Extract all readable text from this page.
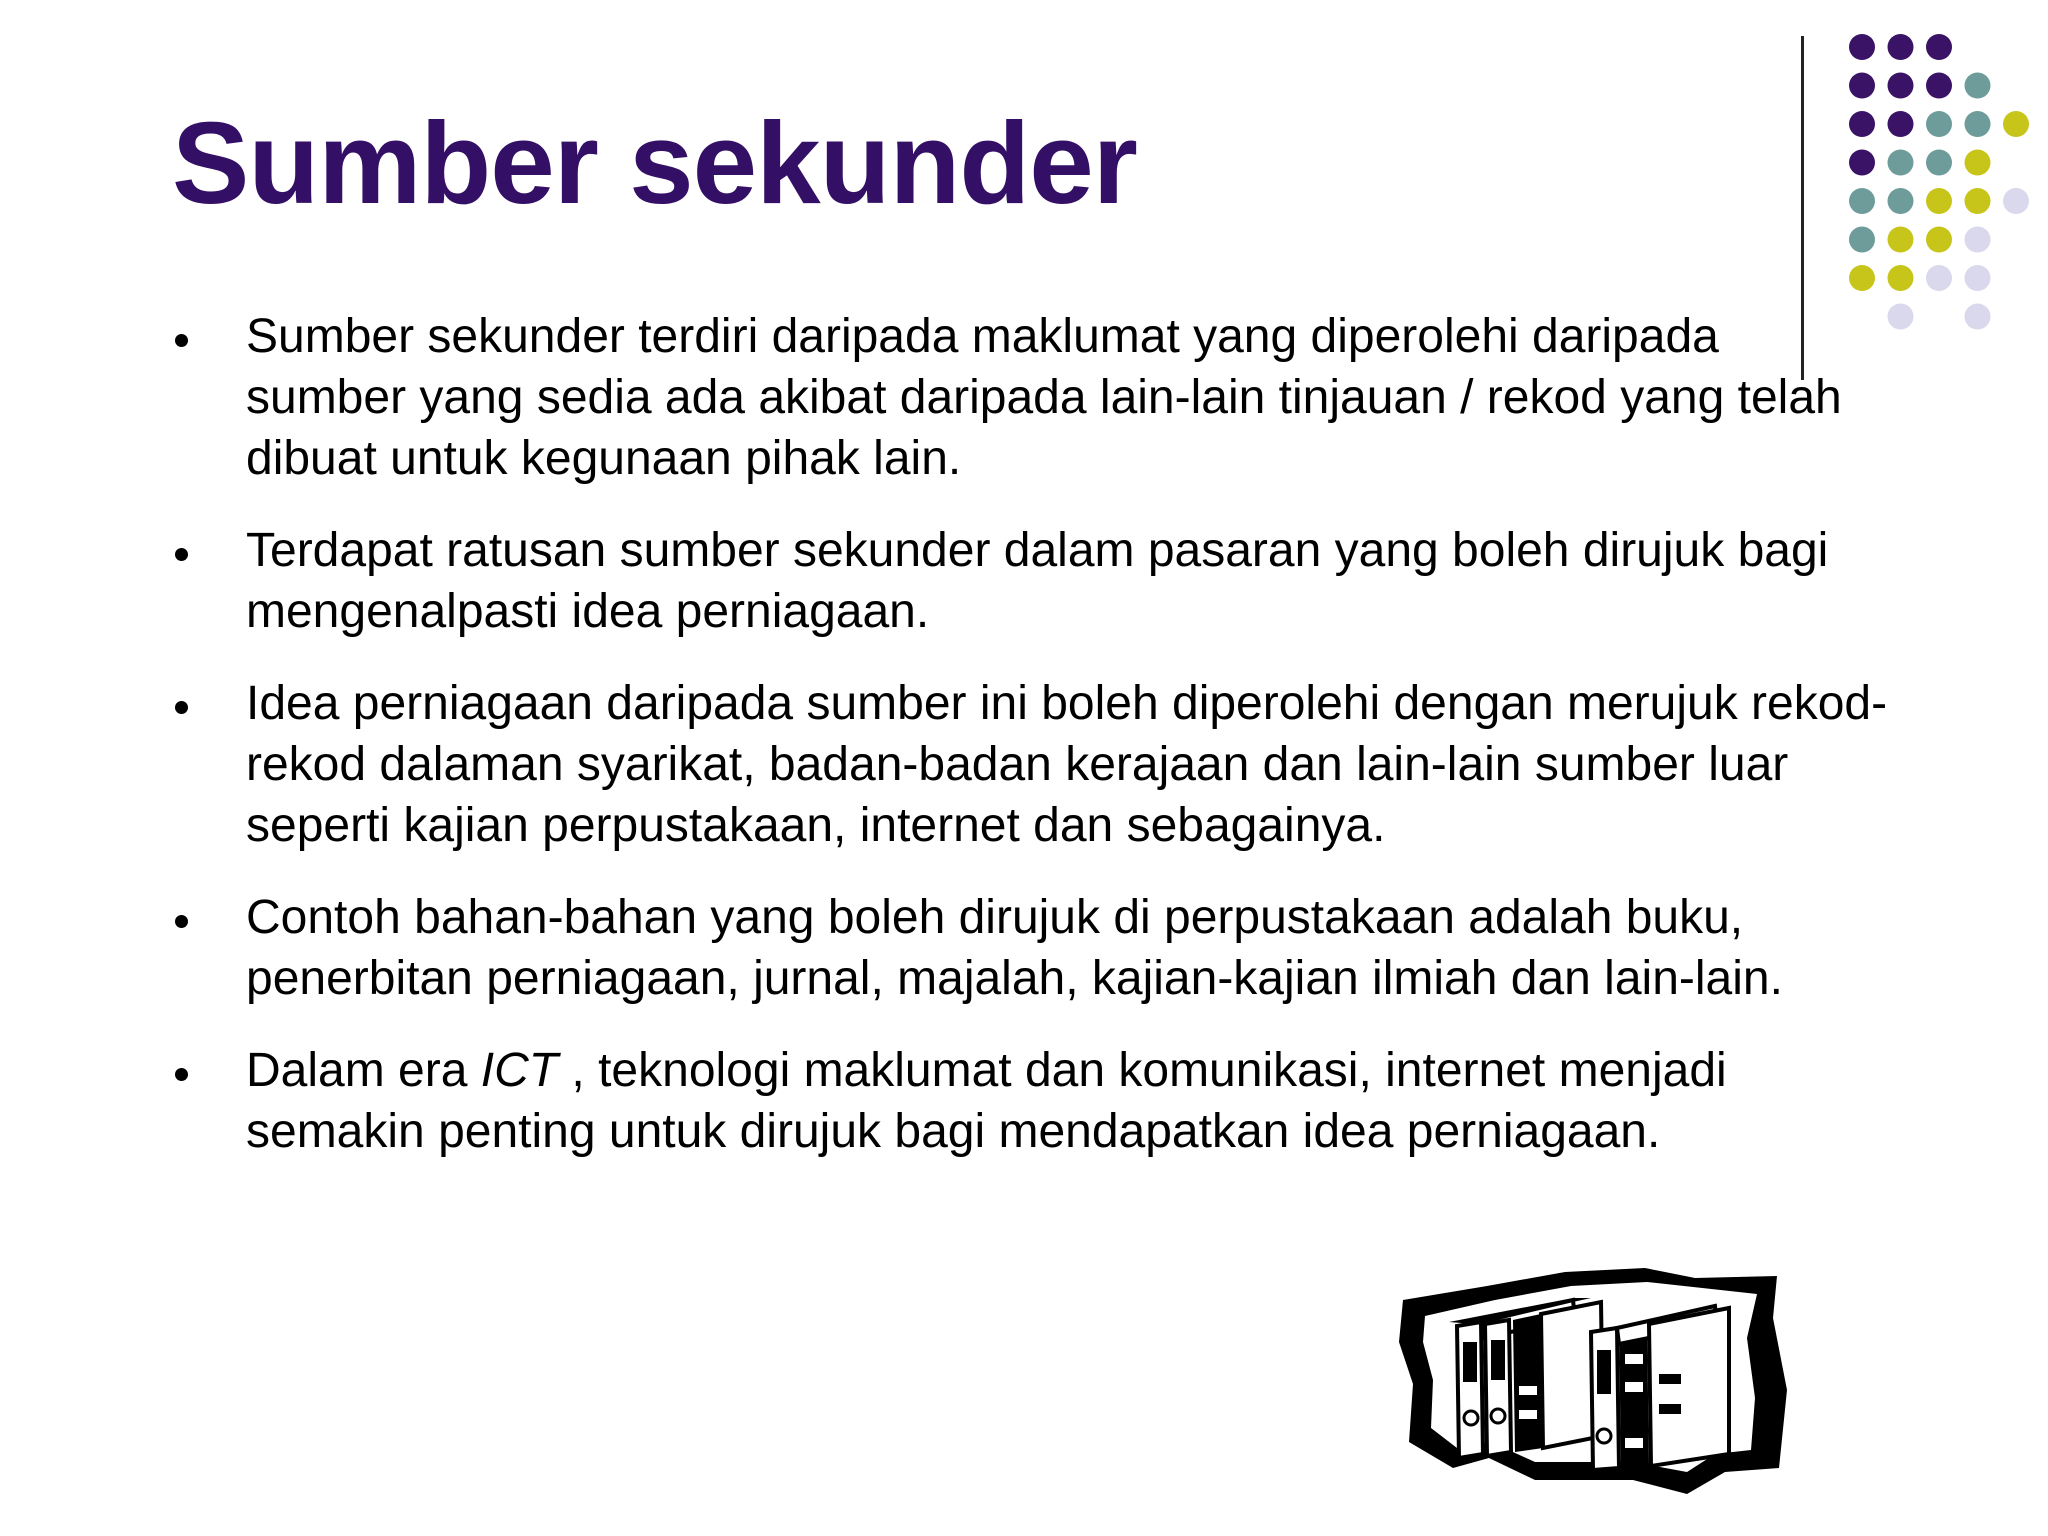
Sumber sekunder
Sumber sekunder terdiri daripada maklumat yang diperolehi daripada sumber yang sedia ada akibat daripada lain-lain tinjauan / rekod yang telah dibuat untuk kegunaan pihak lain.
Terdapat ratusan sumber sekunder dalam pasaran yang boleh dirujuk bagi mengenalpasti idea perniagaan.
Idea perniagaan daripada sumber ini boleh diperolehi dengan merujuk rekod-rekod dalaman syarikat, badan-badan kerajaan dan lain-lain sumber luar seperti kajian perpustakaan, internet dan sebagainya.
Contoh bahan-bahan yang boleh dirujuk di perpustakaan adalah buku, penerbitan perniagaan, jurnal, majalah, kajian-kajian ilmiah dan lain-lain.
Dalam era ICT , teknologi maklumat dan komunikasi, internet menjadi semakin penting untuk dirujuk bagi mendapatkan idea perniagaan.
